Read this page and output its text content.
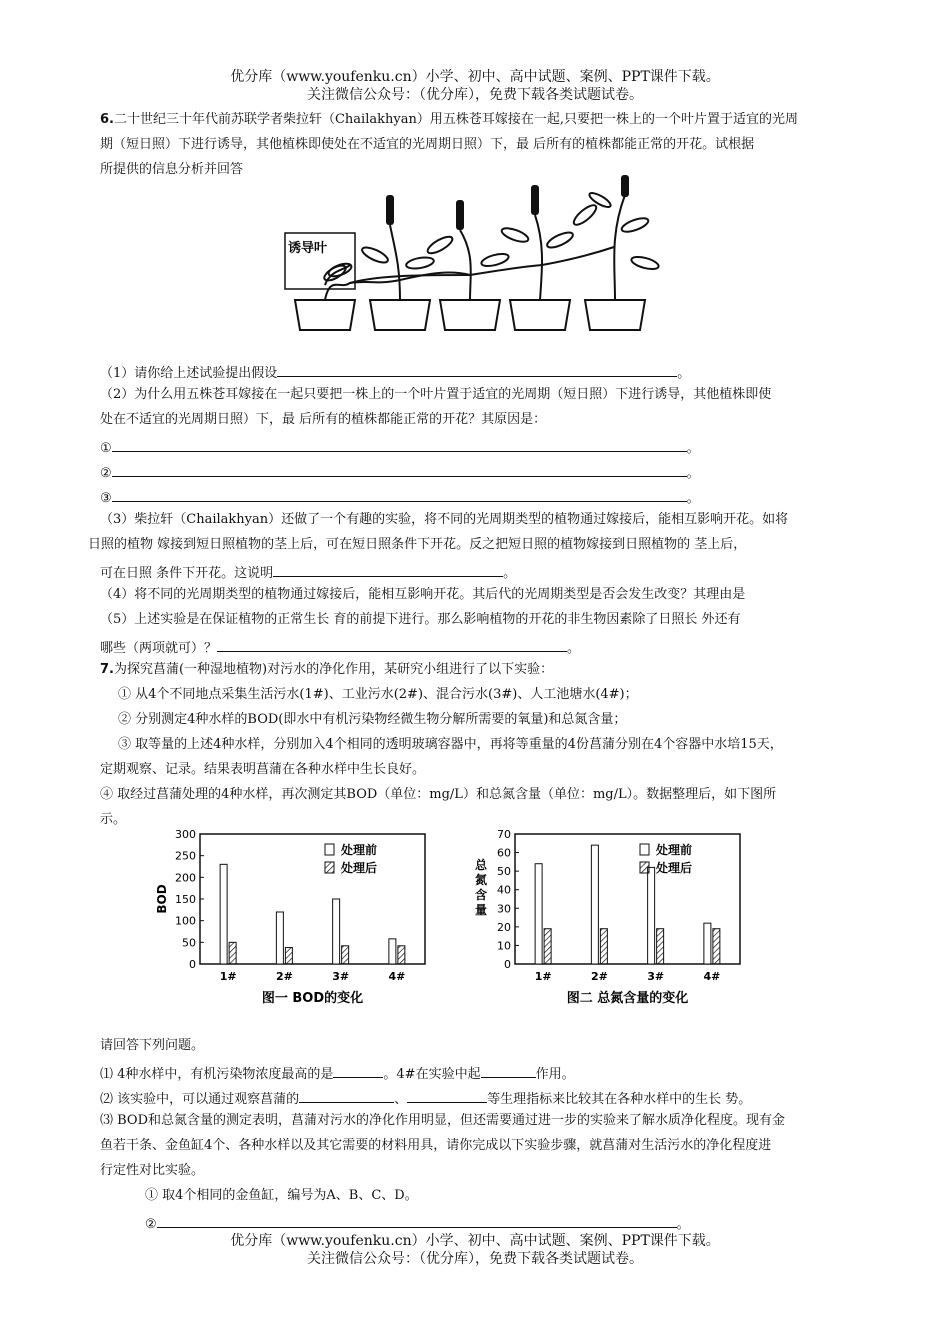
优分库（www.youfenku.cn）小学、初中、高中试题、案例、PPT课件下载。
关注微信公众号：（优分库），免费下载各类试题试卷。
6.二十世纪三十年代前苏联学者柴拉轩（Chailakhyan）用五株苍耳嫁接在一起,只要把一株上的一个叶片置于适宜的光周
期（短日照）下进行诱导，其他植株即使处在不适宜的光周期日照）下，最 后所有的植株都能正常的开花。试根据
所提供的信息分析并回答
诱导叶
（1）请你给上述试验提出假设	。
（2）为什么用五株苍耳嫁接在一起只要把一株上的一个叶片置于适宜的光周期（短日照）下进行诱导，其他植株即使
处在不适宜的光周期日照）下，最 后所有的植株都能正常的开花？其原因是：
①	。
②	。
③	。
（3）柴拉轩（Chailakhyan）还做了一个有趣的实验，将不同的光周期类型的植物通过嫁接后，能相互影响开花。如将
日照的植物 嫁接到短日照植物的茎上后，可在短日照条件下开花。反之把短日照的植物嫁接到日照植物的 茎上后，
可在日照 条件下开花。这说明	。
（4）将不同的光周期类型的植物通过嫁接后，能相互影响开花。其后代的光周期类型是否会发生改变？其理由是
（5）上述实验是在保证植物的正常生长 育的前提下进行。那么影响植物的开花的非生物因素除了日照长 外还有
哪些（两项就可）？	。
7.为探究菖蒲(一种湿地植物)对污水的净化作用，某研究小组进行了以下实验：
① 从4个不同地点采集生活污水(1#)、工业污水(2#)、混合污水(3#)、人工池塘水(4#)；
② 分别测定4种水样的BOD(即水中有机污染物经微生物分解所需要的氧量)和总氮含量；
③ 取等量的上述4种水样，分别加入4个相同的透明玻璃容器中，再将等重量的4份菖蒲分别在4个容器中水培15天，
定期观察、记录。结果表明菖蒲在各种水样中生长良好。
④ 取经过菖蒲处理的4种水样，再次测定其BOD（单位：mg/L）和总氮含量（单位：mg/L）。数据整理后，如下图所
示。
0
50
100
150
200
250
300
BOD
1#	2#	3#	4#
处理前
处理后
图一 BOD的变化
0
10
20
30
40
50
60
70
总氮含量
1#	2#	3#	4#
处理前
处理后
图二 总氮含量的变化
请回答下列问题。
⑴ 4种水样中，有机污染物浓度最高的是	。4#在实验中起	作用。
⑵ 该实验中，可以通过观察菖蒲的	、	等生理指标来比较其在各种水样中的生长 势。
⑶ BOD和总氮含量的测定表明，菖蒲对污水的净化作用明显，但还需要通过进一步的实验来了解水质净化程度。现有金
鱼若干条、金鱼缸4个、各种水样以及其它需要的材料用具，请你完成以下实验步骤，就菖蒲对生活污水的净化程度进
行定性对比实验。
① 取4个相同的金鱼缸，编号为A、B、C、D。
②	。
优分库（www.youfenku.cn）小学、初中、高中试题、案例、PPT课件下载。
关注微信公众号：（优分库），免费下载各类试题试卷。
